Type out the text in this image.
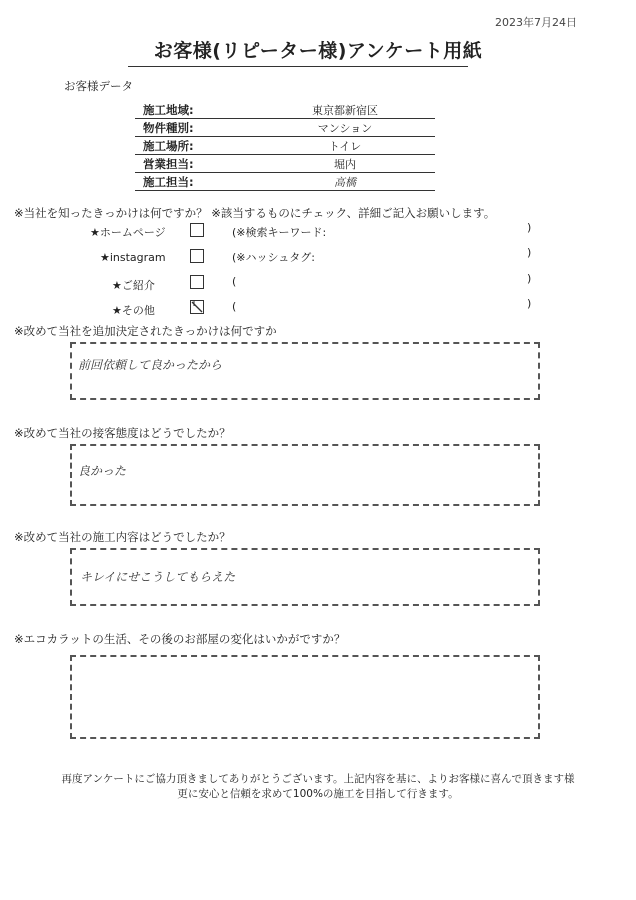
2023年7月24日
お客様(リピーター様)アンケート用紙
お客様データ
施工地域:	東京都新宿区
物件種別:	マンション
施工場所:	トイレ
営業担当:	堀内
施工担当:	高橋
※当社を知ったきっかけは何ですか？ ※該当するものにチェック、詳細ご記入お願いします。
★ホームページ	(※検索キーワード:	)
★instagram	(※ハッシュタグ:	)
★ご紹介	(	)
★その他	(	)
※改めて当社を追加決定されたきっかけは何ですか
前回依頼して良かったから
※改めて当社の接客態度はどうでしたか？
良かった
※改めて当社の施工内容はどうでしたか？
キレイにせこうしてもらえた
※エコカラットの生活、その後のお部屋の変化はいかがですか？
再度アンケートにご協力頂きましてありがとうございます。上記内容を基に、よりお客様に喜んで頂きます様
更に安心と信頼を求めて100%の施工を目指して行きます。
